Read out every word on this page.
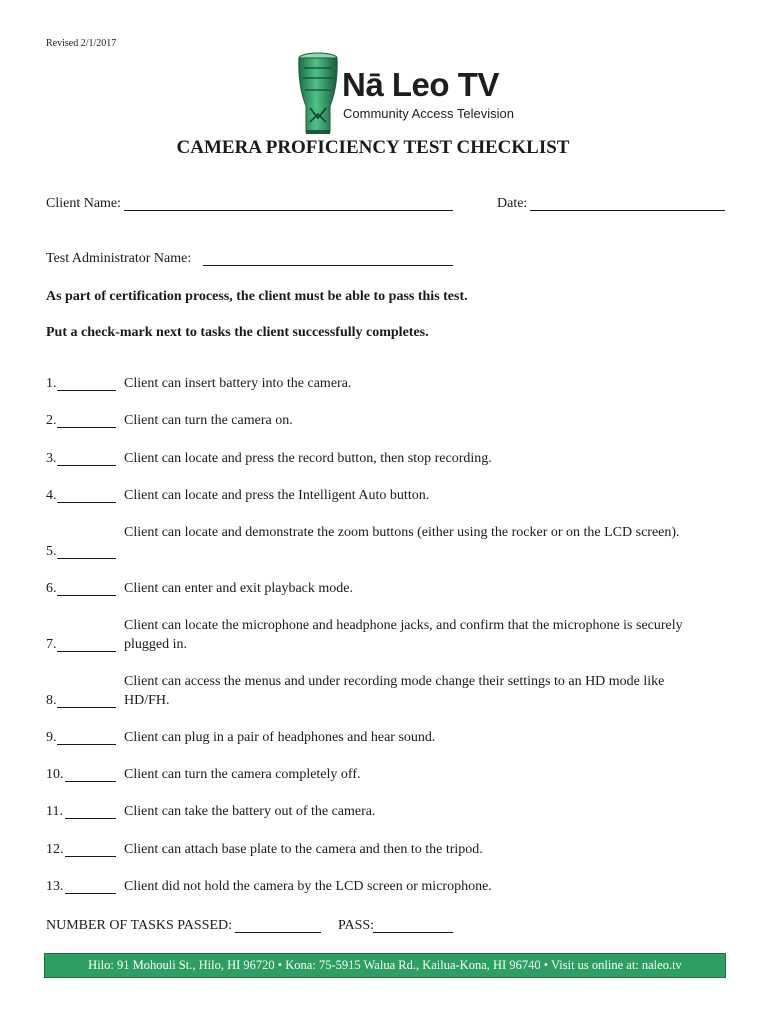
Revised 2/1/2017
Nā Leo TV
Community Access Television
CAMERA PROFICIENCY TEST CHECKLIST
Client Name:	Date:
Test Administrator Name:
As part of certification process, the client must be able to pass this test.
Put a check-mark next to tasks the client successfully completes.
1.	Client can insert battery into the camera.
2.	Client can turn the camera on.
3.	Client can locate and press the record button, then stop recording.
4.	Client can locate and press the Intelligent Auto button.
5.
Client can locate and demonstrate the zoom buttons (either using the rocker or on the LCD screen).
6.	Client can enter and exit playback mode.
7.
Client can locate the microphone and headphone jacks, and confirm that the microphone is securely plugged in.
8.
Client can access the menus and under recording mode change their settings to an HD mode like HD/FH.
9.	Client can plug in a pair of headphones and hear sound.
10.	Client can turn the camera completely off.
11.	Client can take the battery out of the camera.
12.	Client can attach base plate to the camera and then to the tripod.
13.	Client did not hold the camera by the LCD screen or microphone.
NUMBER OF TASKS PASSED:	PASS:
Hilo: 91 Mohouli St., Hilo, HI 96720 • Kona: 75-5915 Walua Rd., Kailua-Kona, HI 96740 • Visit us online at: naleo.tv
